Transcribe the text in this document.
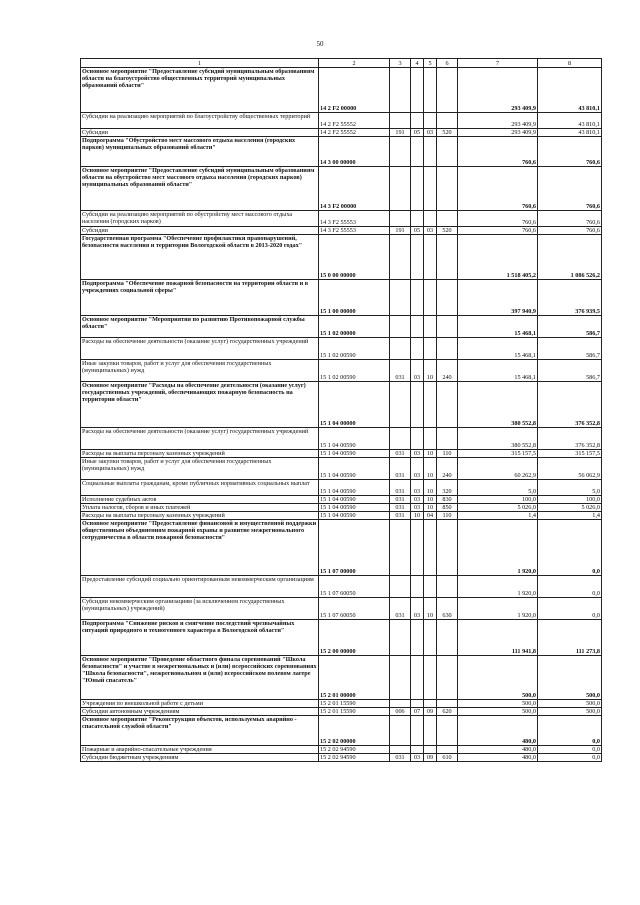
50
1	2	3	4	5	6	7	8
Основное мероприятие "Предоставление субсидий муниципальным образованиям области на благоустройство общественных территорий муниципальных образований области"	14 2 F2 00000					293 409,9	43 810,1
Субсидии на реализацию мероприятий по благоустройству общественных территорий	14 2 F2 55552					293 409,9	43 810,1
Субсидии	14 2 F2 55552	191	05	03	520	293 409,9	43 810,1
Подпрограмма "Обустройство мест массового отдыха населения (городских парков) муниципальных образований области"	14 3 00 00000					760,6	760,6
Основное мероприятие "Предоставление субсидий муниципальным образованиям области на обустройство мест массового отдыха населения (городских парков) муниципальных образований области"	14 3 F2 00000					760,6	760,6
Субсидии на реализацию мероприятий по обустройству мест массового отдыха населения (городских парков)	14 3 F2 55553					760,6	760,6
Субсидии	14 3 F2 55553	191	05	03	520	760,6	760,6
Государственная программа "Обеспечение профилактики правонарушений, безопасности населения и территории Вологодской области в 2013-2020 годах"	15 0 00 00000					1 518 405,2	1 086 526,2
Подпрограмма "Обеспечение пожарной безопасности на территории области и в учреждениях социальной сферы"	15 1 00 00000					397 940,9	376 939,5
Основное мероприятие "Мероприятия по развитию Противопожарной службы области"	15 1 02 00000					15 468,1	586,7
Расходы на обеспечение деятельности (оказание услуг) государственных учреждений	15 1 02 00590					15 468,1	586,7
Иные закупки товаров, работ и услуг для обеспечения государственных (муниципальных) нужд	15 1 02 00590	031	03	10	240	15 468,1	586,7
Основное мероприятие "Расходы на обеспечение деятельности (оказание услуг) государственных учреждений, обеспечивающих пожарную безопасность на территории области"	15 1 04 00000					380 552,8	376 352,8
Расходы на обеспечение деятельности (оказание услуг) государственных учреждений	15 1 04 00590					380 552,8	376 352,8
Расходы на выплаты персоналу казенных учреждений	15 1 04 00590	031	03	10	110	315 157,5	315 157,5
Иные закупки товаров, работ и услуг для обеспечения государственных (муниципальных) нужд	15 1 04 00590	031	03	10	240	60 262,9	56 062,9
Социальные выплаты гражданам, кроме публичных нормативных социальных выплат	15 1 04 00590	031	03	10	320	5,0	5,0
Исполнение судебных актов	15 1 04 00590	031	03	10	830	100,0	100,0
Уплата налогов, сборов и иных платежей	15 1 04 00590	031	03	10	850	5 026,0	5 026,0
Расходы на выплаты персоналу казенных учреждений	15 1 04 00590	031	10	04	110	1,4	1,4
Основное мероприятие "Предоставление финансовой и имущественной поддержки общественным объединениям пожарной охраны и развитие межрегионального сотрудничества в области пожарной безопасности"	15 1 07 00000					1 920,0	0,0
Предоставление субсидий социально ориентированным некоммерческим организациям	15 1 07 60050					1 920,0	0,0
Субсидии некоммерческим организациям (за исключением государственных (муниципальных) учреждений)	15 1 07 60050	031	03	10	630	1 920,0	0,0
Подпрограмма "Снижение рисков и смягчение последствий чрезвычайных ситуаций природного и техногенного характера в Вологодской области"	15 2 00 00000					111 941,8	111 273,8
Основное мероприятие "Проведение областного финала соревнований "Школа безопасности" и участие в межрегиональных и (или) всероссийских соревнованиях "Школа безопасности", межрегиональном и (или) всероссийском полевом лагере "Юный спасатель"	15 2 01 00000					500,0	500,0
Учреждения по внешкольной работе с детьми	15 2 01 15590					500,0	500,0
Субсидии автономным учреждениям	15 2 01 15590	006	07	09	620	500,0	500,0
Основное мероприятие "Реконструкция объектов, используемых аварийно - спасательной службой области"	15 2 02 00000					480,0	0,0
Пожарные и аварийно-спасательные учреждения	15 2 02 94590					480,0	0,0
Субсидии бюджетным учреждениям	15 2 02 94590	031	03	09	610	480,0	0,0
